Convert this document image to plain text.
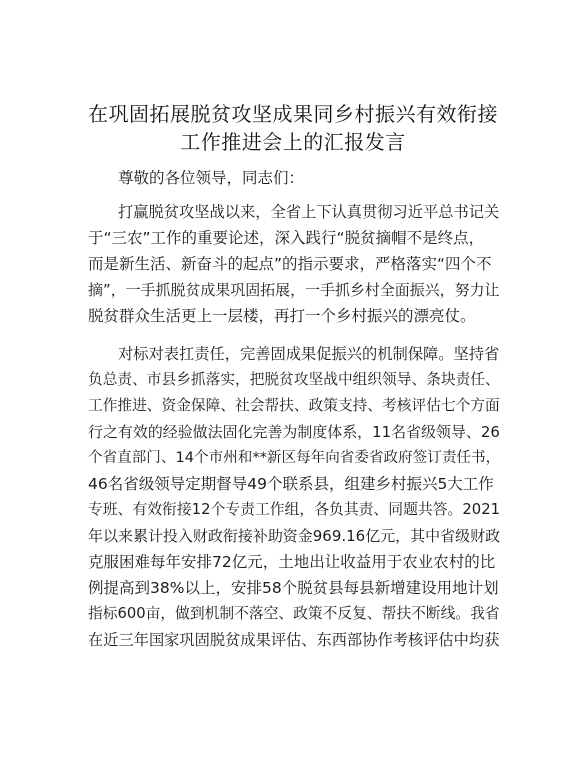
在巩固拓展脱贫攻坚成果同乡村振兴有效衔接
工作推进会上的汇报发言
尊敬的各位领导，同志们：
打赢脱贫攻坚战以来，全省上下认真贯彻习近平总书记关
于“三农”工作的重要论述，深入践行“脱贫摘帽不是终点，
而是新生活、新奋斗的起点”的指示要求，严格落实“四个不
摘”，一手抓脱贫成果巩固拓展，一手抓乡村全面振兴，努力让
脱贫群众生活更上一层楼，再打一个乡村振兴的漂亮仗。
对标对表扛责任，完善固成果促振兴的机制保障。坚持省
负总责、市县乡抓落实，把脱贫攻坚战中组织领导、条块责任、
工作推进、资金保障、社会帮扶、政策支持、考核评估七个方面
行之有效的经验做法固化完善为制度体系，11名省级领导、26
个省直部门、14个市州和**新区每年向省委省政府签订责任书，
46名省级领导定期督导49个联系县，组建乡村振兴5大工作
专班、有效衔接12个专责工作组，各负其责、同题共答。2021
年以来累计投入财政衔接补助资金969.16亿元，其中省级财政
克服困难每年安排72亿元，土地出让收益用于农业农村的比
例提高到38%以上，安排58个脱贫县每县新增建设用地计划
指标600亩，做到机制不落空、政策不反复、帮扶不断线。我省
在近三年国家巩固脱贫成果评估、东西部协作考核评估中均获
